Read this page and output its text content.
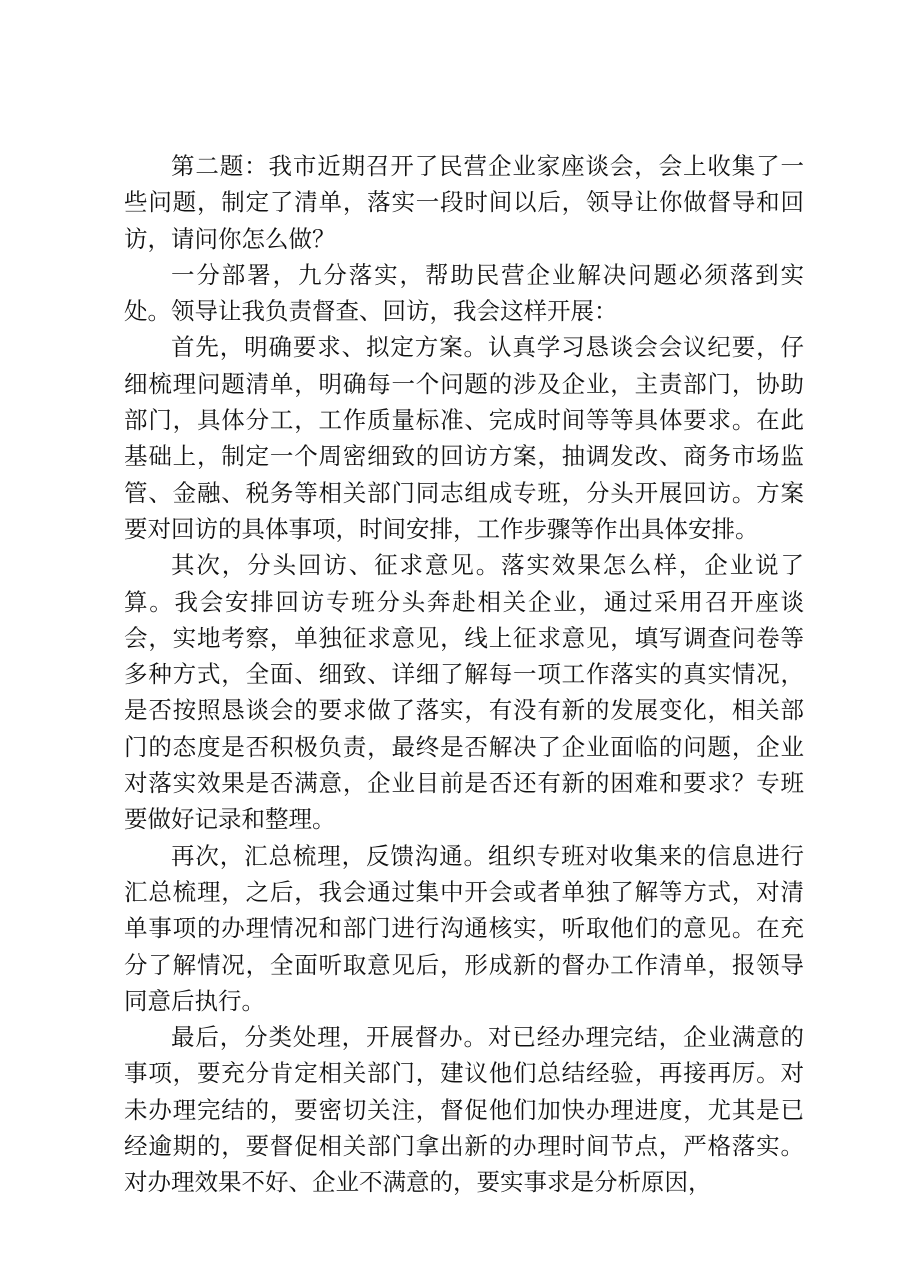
第二题：我市近期召开了民营企业家座谈会，会上收集了一些问题，制定了清单，落实一段时间以后，领导让你做督导和回访，请问你怎么做？

一分部署，九分落实，帮助民营企业解决问题必须落到实处。领导让我负责督查、回访，我会这样开展：

首先，明确要求、拟定方案。认真学习恳谈会会议纪要，仔细梳理问题清单，明确每一个问题的涉及企业，主责部门，协助部门，具体分工，工作质量标准、完成时间等等具体要求。在此基础上，制定一个周密细致的回访方案，抽调发改、商务市场监管、金融、税务等相关部门同志组成专班，分头开展回访。方案要对回访的具体事项，时间安排，工作步骤等作出具体安排。

其次，分头回访、征求意见。落实效果怎么样，企业说了算。我会安排回访专班分头奔赴相关企业，通过采用召开座谈会，实地考察，单独征求意见，线上征求意见，填写调查问卷等多种方式，全面、细致、详细了解每一项工作落实的真实情况，是否按照恳谈会的要求做了落实，有没有新的发展变化，相关部门的态度是否积极负责，最终是否解决了企业面临的问题，企业对落实效果是否满意，企业目前是否还有新的困难和要求？专班要做好记录和整理。

再次，汇总梳理，反馈沟通。组织专班对收集来的信息进行汇总梳理，之后，我会通过集中开会或者单独了解等方式，对清单事项的办理情况和部门进行沟通核实，听取他们的意见。在充分了解情况，全面听取意见后，形成新的督办工作清单，报领导同意后执行。

最后，分类处理，开展督办。对已经办理完结，企业满意的事项，要充分肯定相关部门，建议他们总结经验，再接再厉。对未办理完结的，要密切关注，督促他们加快办理进度，尤其是已经逾期的，要督促相关部门拿出新的办理时间节点，严格落实。对办理效果不好、企业不满意的，要实事求是分析原因，
